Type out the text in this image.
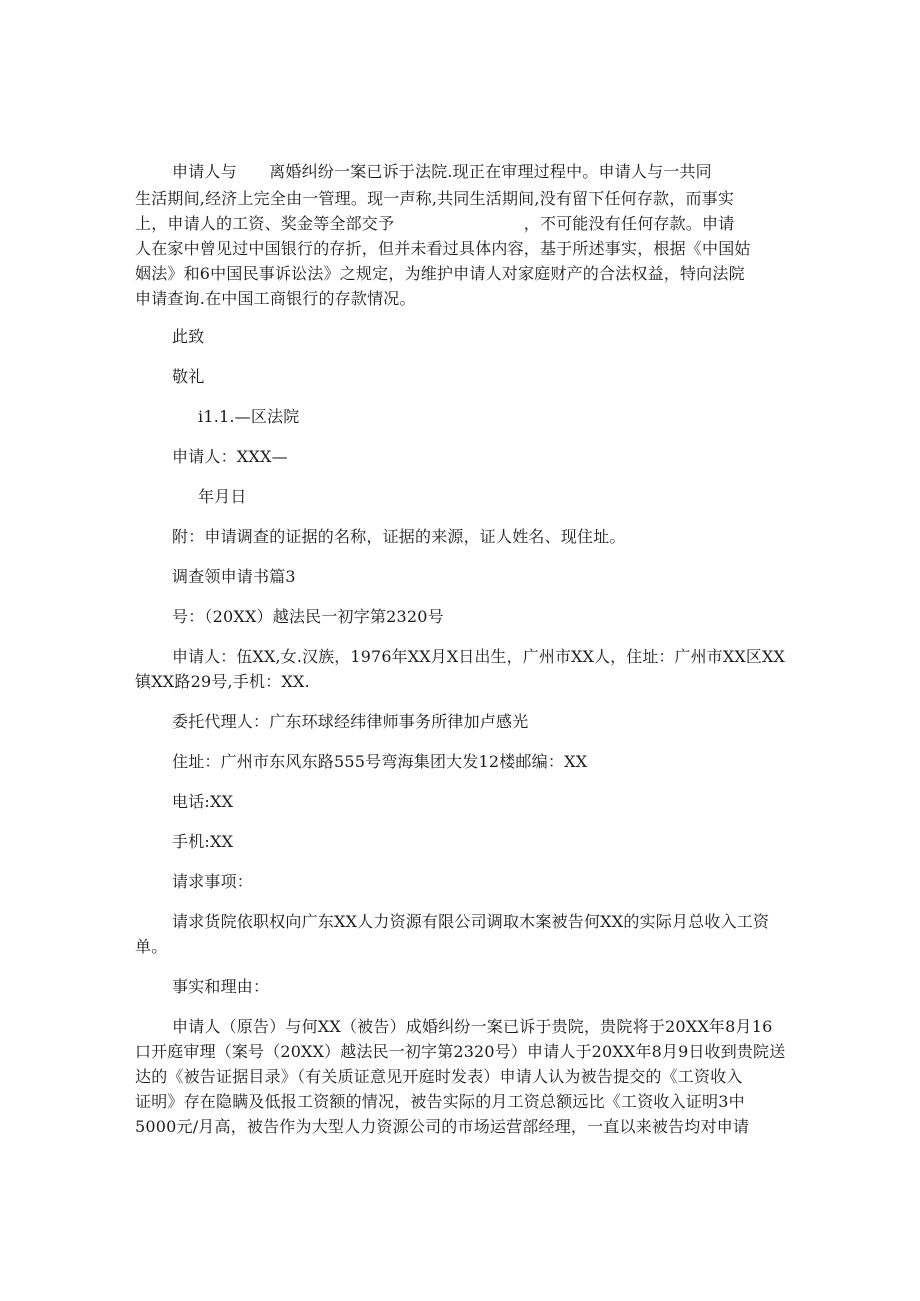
申请人与　　离婚纠纷一案已诉于法院.现正在审理过程中。申请人与一共同
生活期间,经济上完全由一管理。现一声称,共同生活期间,没有留下任何存款，而事实
上，申请人的工资、奖金等全部交予　　　　　　　　，不可能没有任何存款。申请
人在家中曾见过中国银行的存折，但并未看过具体内容，基于所述事实，根据《中国姑
姻法》和6中国民事诉讼法》之规定，为维护申请人对家庭财产的合法权益，特向法院
申请查询.在中国工商银行的存款情况。
此致
敬礼
i1.1.—区法院
申请人：XXX—
年月日
附：申请调查的证据的名称，证据的来源，证人姓名、现住址。
调查领申请书篇3
号：（20XX）越法民一初字第2320号
申请人：伍XX,女.汉族，1976年XX月X日出生，广州市XX人，住址：广州市XX区XX
镇XX路29号,手机：XX.
委托代理人：广东环球经纬律师事务所律加卢感光
住址：广州市东风东路555号弯海集团大发12楼邮编：XX
电话:XX
手机:XX
请求事项：
请求货院依职权向广东XX人力资源有限公司调取木案被告何XX的实际月总收入工资
单。
事实和理由：
申请人（原告）与何XX（被告）成婚纠纷一案已诉于贵院，贵院将于20XX年8月16
口开庭审理（案号（20XX）越法民一初字第2320号）申请人于20XX年8月9日收到贵院送
达的《被告证据目录》（有关质证意见开庭时发表）申请人认为被告提交的《工资收入
证明》存在隐瞒及低报工资额的情况，被告实际的月工资总额远比《工资收入证明3中
5000元/月高，被告作为大型人力资源公司的市场运营部经理，一直以来被告均对申请
